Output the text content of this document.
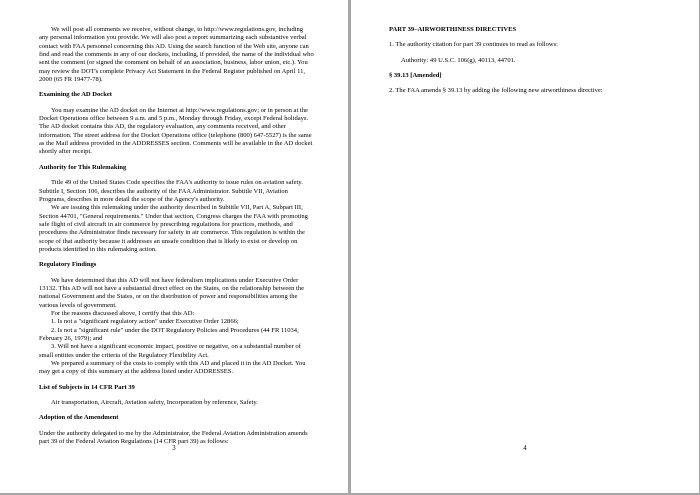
We will post all comments we receive, without change, to http://www.regulations.gov, including any personal information you provide. We will also post a report summarizing each substantive verbal contact with FAA personnel concerning this AD. Using the search function of the Web site, anyone can find and read the comments in any of our dockets, including, if provided, the name of the individual who sent the comment (or signed the comment on behalf of an association, business, labor union, etc.). You may review the DOT's complete Privacy Act Statement in the Federal Register published on April 11, 2000 (65 FR 19477-78).

Examining the AD Docket

You may examine the AD docket on the Internet at http://www.regulations.gov; or in person at the Docket Operations office between 9 a.m. and 5 p.m., Monday through Friday, except Federal holidays. The AD docket contains this AD, the regulatory evaluation, any comments received, and other information. The street address for the Docket Operations office (telephone (800) 647-5527) is the same as the Mail address provided in the ADDRESSES section. Comments will be available in the AD docket shortly after receipt.

Authority for This Rulemaking

Title 49 of the United States Code specifies the FAA's authority to issue rules on aviation safety. Subtitle I, Section 106, describes the authority of the FAA Administrator. Subtitle VII, Aviation Programs, describes in more detail the scope of the Agency's authority.

We are issuing this rulemaking under the authority described in Subtitle VII, Part A, Subpart III, Section 44701, "General requirements." Under that section, Congress charges the FAA with promoting safe flight of civil aircraft in air commerce by prescribing regulations for practices, methods, and procedures the Administrator finds necessary for safety in air commerce. This regulation is within the scope of that authority because it addresses an unsafe condition that is likely to exist or develop on products identified in this rulemaking action.

Regulatory Findings

We have determined that this AD will not have federalism implications under Executive Order 13132. This AD will not have a substantial direct effect on the States, on the relationship between the national Government and the States, or on the distribution of power and responsibilities among the various levels of government.

For the reasons discussed above, I certify that this AD:

1. Is not a "significant regulatory action" under Executive Order 12866;

2. Is not a "significant rule" under the DOT Regulatory Policies and Procedures (44 FR 11034, February 26, 1979); and

3. Will not have a significant economic impact, positive or negative, on a substantial number of small entities under the criteria of the Regulatory Flexibility Act.

We prepared a summary of the costs to comply with this AD and placed it in the AD Docket. You may get a copy of this summary at the address listed under ADDRESSES.

List of Subjects in 14 CFR Part 39

Air transportation, Aircraft, Aviation safety, Incorporation by reference, Safety.

Adoption of the Amendment

Under the authority delegated to me by the Administrator, the Federal Aviation Administration amends part 39 of the Federal Aviation Regulations (14 CFR part 39) as follows:

3

PART 39–AIRWORTHINESS DIRECTIVES

1. The authority citation for part 39 continues to read as follows:

Authority: 49 U.S.C. 106(g), 40113, 44701.

§ 39.13 [Amended]

2. The FAA amends § 39.13 by adding the following new airworthiness directive:

4
